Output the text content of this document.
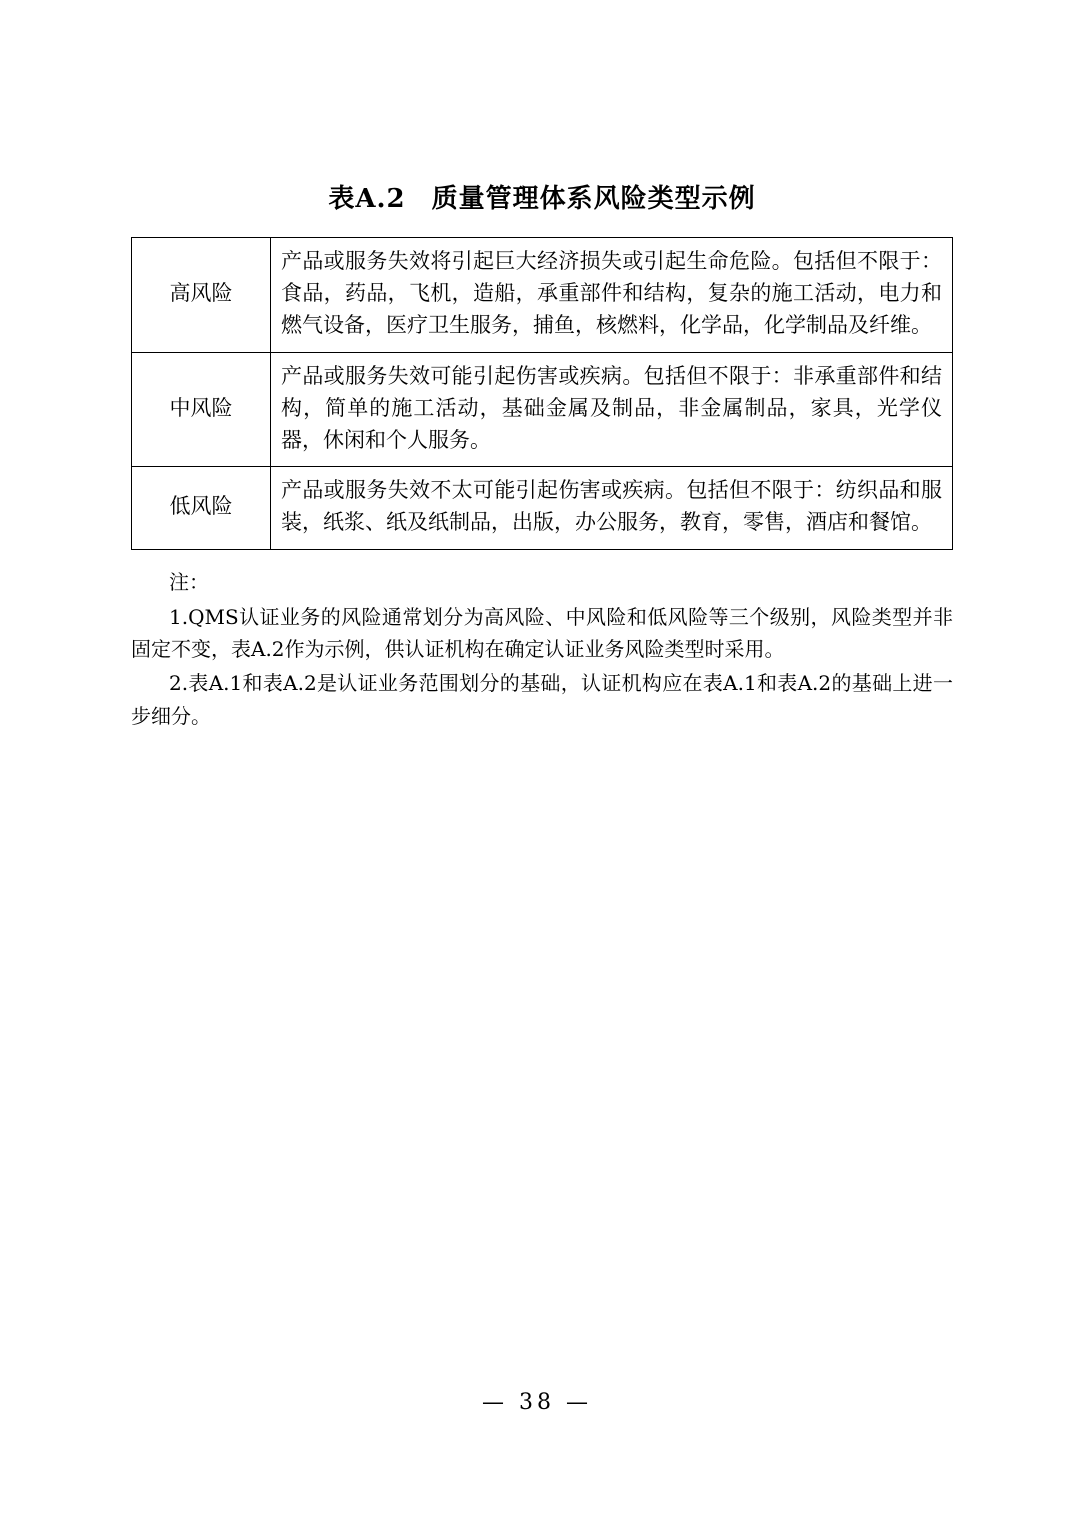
表A.2 质量管理体系风险类型示例
高风险	产品或服务失效将引起巨大经济损失或引起生命危险。包括但不限于：食品，药品，飞机，造船，承重部件和结构，复杂的施工活动，电力和燃气设备，医疗卫生服务，捕鱼，核燃料，化学品，化学制品及纤维。
中风险	产品或服务失效可能引起伤害或疾病。包括但不限于：非承重部件和结构，简单的施工活动，基础金属及制品，非金属制品，家具，光学仪器，休闲和个人服务。
低风险	产品或服务失效不太可能引起伤害或疾病。包括但不限于：纺织品和服装，纸浆、纸及纸制品，出版，办公服务，教育，零售，酒店和餐馆。
注：
1.QMS认证业务的风险通常划分为高风险、中风险和低风险等三个级别，风险类型并非固定不变，表A.2作为示例，供认证机构在确定认证业务风险类型时采用。
2.表A.1和表A.2是认证业务范围划分的基础，认证机构应在表A.1和表A.2的基础上进一步细分。
— 38 —
